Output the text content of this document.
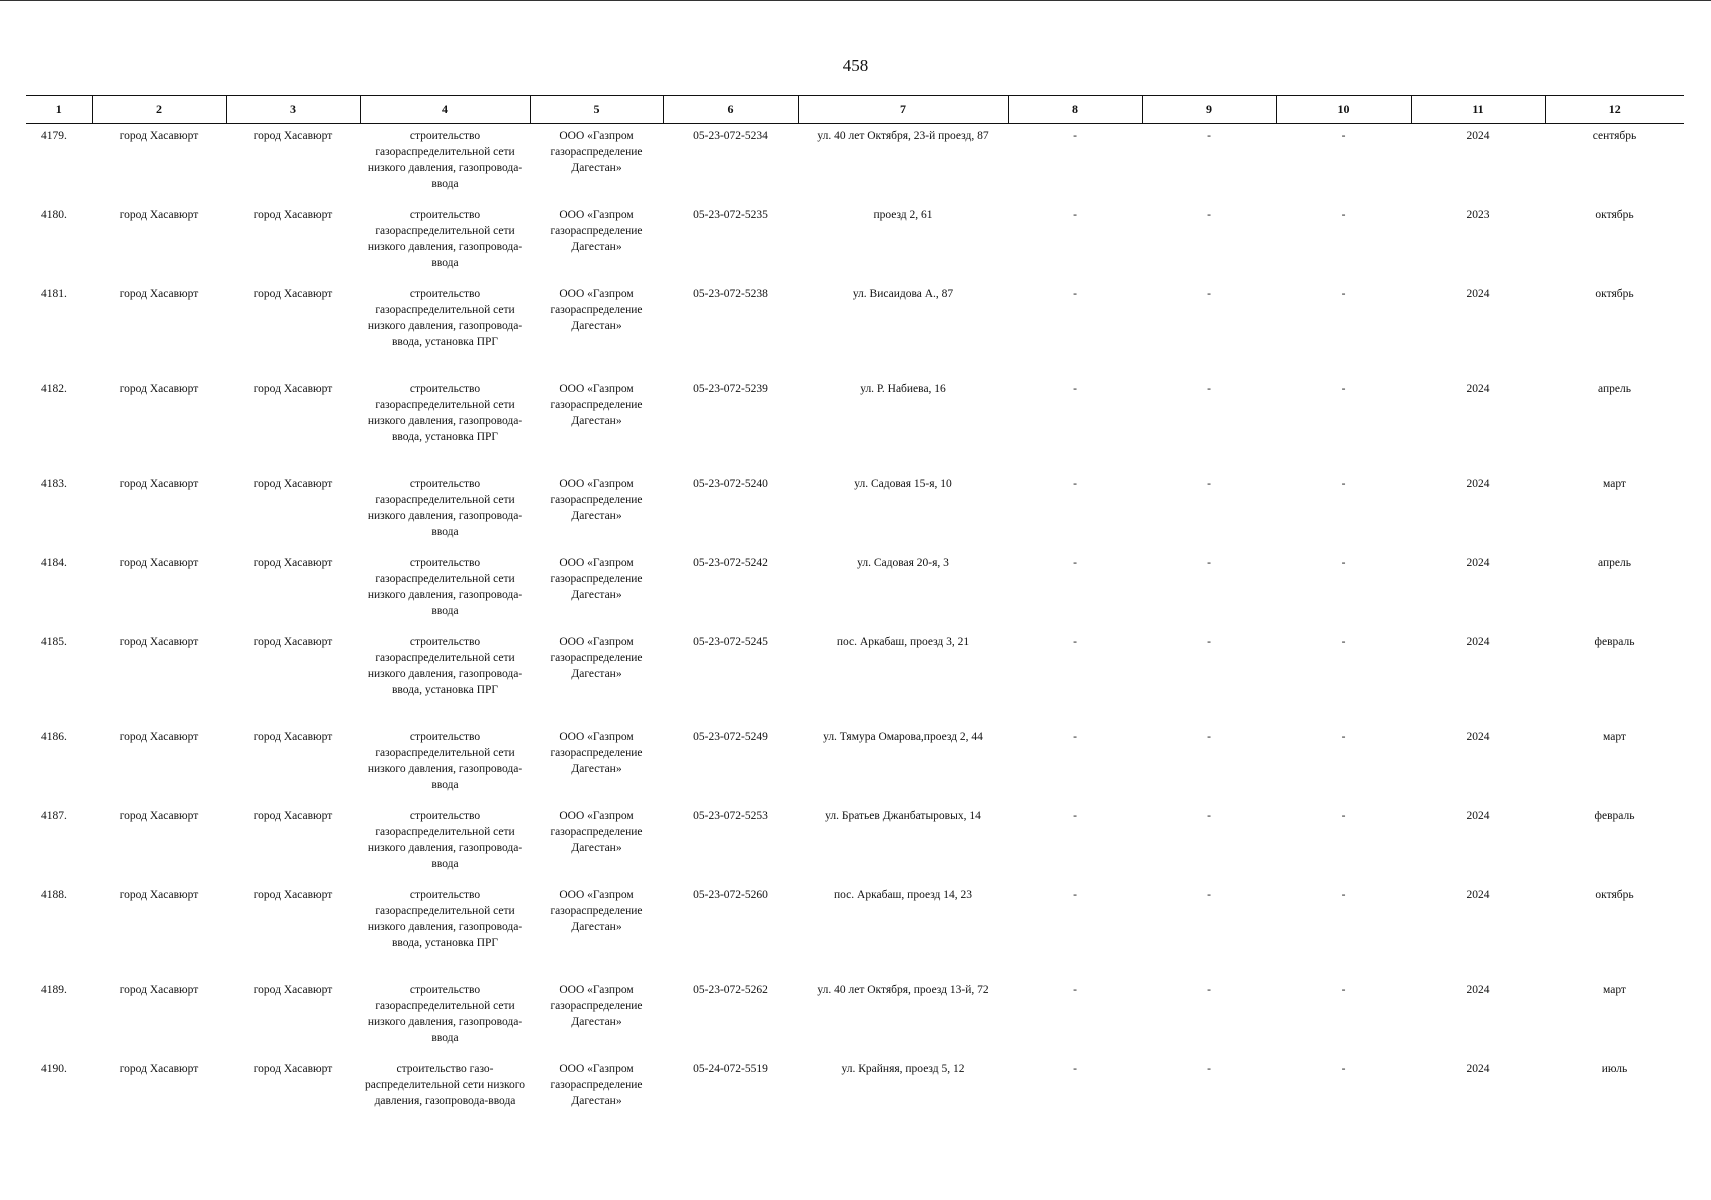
458
1	2	3	4	5	6	7	8	9	10	11	12
4179.	город Хасавюрт	город Хасавюрт	строительство газораспределительной сети низкого давления, газопровода-ввода	ООО «Газпром газораспределение Дагестан»	05-23-072-5234	ул. 40 лет Октября, 23-й проезд, 87	-	-	-	2024	сентябрь
4180.	город Хасавюрт	город Хасавюрт	строительство газораспределительной сети низкого давления, газопровода-ввода	ООО «Газпром газораспределение Дагестан»	05-23-072-5235	проезд 2, 61	-	-	-	2023	октябрь
4181.	город Хасавюрт	город Хасавюрт	строительство газораспределительной сети низкого давления, газопровода-ввода, установка ПРГ	ООО «Газпром газораспределение Дагестан»	05-23-072-5238	ул. Висаидова А., 87	-	-	-	2024	октябрь
4182.	город Хасавюрт	город Хасавюрт	строительство газораспределительной сети низкого давления, газопровода-ввода, установка ПРГ	ООО «Газпром газораспределение Дагестан»	05-23-072-5239	ул. Р. Набиева, 16	-	-	-	2024	апрель
4183.	город Хасавюрт	город Хасавюрт	строительство газораспределительной сети низкого давления, газопровода-ввода	ООО «Газпром газораспределение Дагестан»	05-23-072-5240	ул. Садовая 15-я, 10	-	-	-	2024	март
4184.	город Хасавюрт	город Хасавюрт	строительство газораспределительной сети низкого давления, газопровода-ввода	ООО «Газпром газораспределение Дагестан»	05-23-072-5242	ул. Садовая 20-я, 3	-	-	-	2024	апрель
4185.	город Хасавюрт	город Хасавюрт	строительство газораспределительной сети низкого давления, газопровода-ввода, установка ПРГ	ООО «Газпром газораспределение Дагестан»	05-23-072-5245	пос. Аркабаш, проезд 3, 21	-	-	-	2024	февраль
4186.	город Хасавюрт	город Хасавюрт	строительство газораспределительной сети низкого давления, газопровода-ввода	ООО «Газпром газораспределение Дагестан»	05-23-072-5249	ул. Тямура Омарова,проезд 2, 44	-	-	-	2024	март
4187.	город Хасавюрт	город Хасавюрт	строительство газораспределительной сети низкого давления, газопровода-ввода	ООО «Газпром газораспределение Дагестан»	05-23-072-5253	ул. Братьев Джанбатыровых, 14	-	-	-	2024	февраль
4188.	город Хасавюрт	город Хасавюрт	строительство газораспределительной сети низкого давления, газопровода-ввода, установка ПРГ	ООО «Газпром газораспределение Дагестан»	05-23-072-5260	пос. Аркабаш, проезд 14, 23	-	-	-	2024	октябрь
4189.	город Хасавюрт	город Хасавюрт	строительство газораспределительной сети низкого давления, газопровода-ввода	ООО «Газпром газораспределение Дагестан»	05-23-072-5262	ул. 40 лет Октября, проезд 13-й, 72	-	-	-	2024	март
4190.	город Хасавюрт	город Хасавюрт	строительство газо-распределительной сети низкого давления, газопровода-ввода	ООО «Газпром газораспределение Дагестан»	05-24-072-5519	ул. Крайняя, проезд 5, 12	-	-	-	2024	июль
